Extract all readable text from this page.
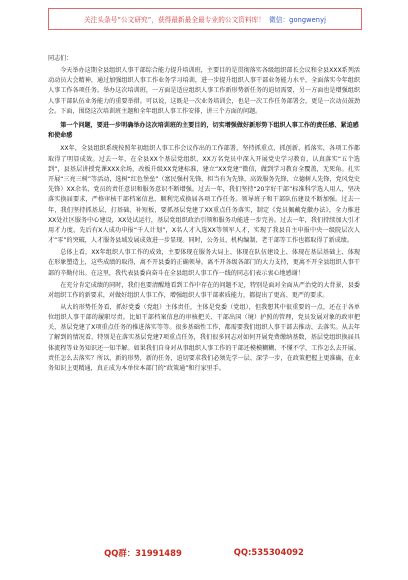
关注头条号“公文研究”，获得最新最全最专业的公文资料库！ 微信：gongwenyj

同志们：

今天举办这期全县组织人事干部综合能力提升培训班，主要目的是贯彻落实各级组织部长会议和全县XXX系列活动动员大会精神，通过加强组织人事工作业务学习培训，进一步提升组织人事干部业务能力水平，全面落实今年组织人事工作各项任务。举办这次培训班，一方面是适应组织人事工作新形势新任务的迫切需要，另一方面也是增强组织人事干部队伍业务能力的重要举措。可以说，这既是一次业务培训会，也是一次工作任务部署会，更是一次动员鼓劲会。下面，围绕这次培训班主题和全年组织人事工作安排，讲三个方面的问题。

第一个问题，要进一步明确举办这次培训班的主要目的，切实增强做好新形势下组织人事工作的责任感、紧迫感和使命感

XX年，全县组织系统按照年初组织人事工作会议作出的工作部署，坚持抓重点、抓创新、抓落实，各项工作都取得了明显成效。过去一年，在全县XX个基层党组织、XX万名党员中深入开展党史学习教育，认真落实“五个选到”，县基层讲授党课XXX余场，改板升级XX党建标准，建立“XX党建”微信，做到学习教育全覆盖，无死角。扎实开展“三亮三树”等活动，选树“红色堡垒”（富民强村先锋，担当有为先锋，高效服务先锋，立德树人先锋，党风党史先锋）XX余名，党员的责任意识和服务意识不断增强。过去一年，我们坚持“20字好干部”标准科学选人用人，坚决落实换届要求，严格审核干部档案信息，顺利完成换届各项工作任务。领导班子和干部队伍建设不断加强。过去一年，我们坚持抓基层、打基础、补短板，要抓基层党建了XX重点任务落实，制定《党员佩戴党徽办法》，全力推进XX处社区服务中心建设，XX处试运行，基层党组织政治引领和服务功能进一步完善。过去一年，我们持续加大引才用才力度，先后有X人成功申报“千人计划”，X名人才入选XX等领军人才，实现了我县自主申报中央一级院层次人才“零”的突破，人才服务县域发展成效进一步显现。同时，公务员、机构编制、老干部等工作也都取得了新成绩。

总体上看，XX年组织人事工作的成效，主要体现在服务大局上、体现在队伍建设上、体现在基层基础上、体现在形象塑造上，这些成绩的取得，离不开县委的正确领导，离不开各级各部门的大力支持，更离不开全县组织人事干部的辛勤付出。在这里，我代表县委向奋斗在全县组织人事工作一线的同志们表示衷心地感谢！

在充分肯定成绩的同时，我们也要清醒地看到工作中存在的问题不足，特别是面对全面从严治党的大背景，县委对组织工作的新要求，对做好组织人事工作，增强组织人事干部素质能力，都提出了更高、更严的要求。

从大的形势任务看，抓好党委（党组）主体责任，主体是党委（党组），但我想其中很重要的一点，还在于各单位组织人事干部的履职尽责。比如干部档案信息的审核把关、干部出国（境）护照的管理，党员发展对象的政审把关，基层党建了X项重点任务的推进落实等等。很多基础性工作，都需要我们组织人事干部去推动、去落实。从去年了解到的情况看，特别是在落实基层党建7项重点任务，我们很多同志对如何开展党费缴纳基数，基层党组织换届具体流程等业务知识还一知半解。如果我们自身对从事组织人事工作的干部还模模糊糊、不懂不学，工作怎么去开展、责任怎么去落实？所以，新的形势，新的任务，迫切要求我们必须先学一层、深学一步，在政策把握上更准确，在业务知识上更精通，真正成为本单位本部门的“政策通”和行家里手。

QQ群：31991489	QQ:535304092
